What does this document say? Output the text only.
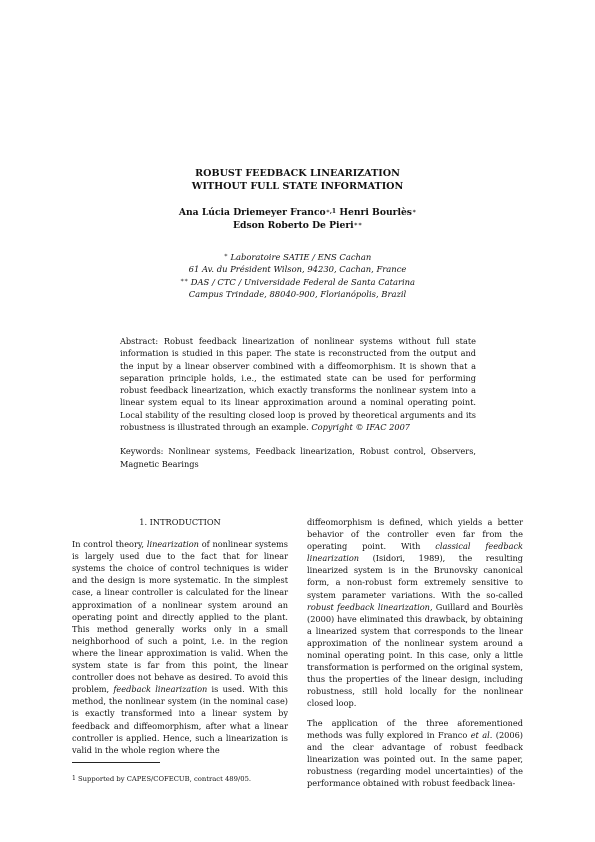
ROBUST FEEDBACK LINEARIZATION
WITHOUT FULL STATE INFORMATION
Ana Lúcia Driemeyer Franco$^{∗,1}$ Henri Bourlès∗
Edson Roberto De Pieri∗∗
∗ Laboratoire SATIE / ENS Cachan
61 Av. du Président Wilson, 94230, Cachan, France
∗∗ DAS / CTC / Universidade Federal de Santa Catarina
Campus Trindade, 88040-900, Florianópolis, Brazil

Abstract: Robust feedback linearization of nonlinear systems without full state information is studied in this paper. The state is reconstructed from the output and the input by a linear observer combined with a diffeomorphism. It is shown that a separation principle holds, i.e., the estimated state can be used for performing robust feedback linearization, which exactly transforms the nonlinear system into a linear system equal to its linear approximation around a nominal operating point. Local stability of the resulting closed loop is proved by theoretical arguments and its robustness is illustrated through an example. Copyright © IFAC 2007

Keywords: Nonlinear systems, Feedback linearization, Robust control, Observers, Magnetic Bearings

1. INTRODUCTION

In control theory, linearization of nonlinear systems is largely used due to the fact that for linear systems the choice of control techniques is wider and the design is more systematic. In the simplest case, a linear controller is calculated for the linear approximation of a nonlinear system around an operating point and directly applied to the plant. This method generally works only in a small neighborhood of such a point, i.e. in the region where the linear approximation is valid. When the system state is far from this point, the linear controller does not behave as desired. To avoid this problem, feedback linearization is used. With this method, the nonlinear system (in the nominal case) is exactly transformed into a linear system by feedback and diffeomorphism, after what a linear controller is applied. Hence, such a linearization is valid in the whole region where the

diffeomorphism is defined, which yields a better behavior of the controller even far from the operating point. With classical feedback linearization (Isidori, 1989), the resulting linearized system is in the Brunovsky canonical form, a non-robust form extremely sensitive to system parameter variations. With the so-called robust feedback linearization, Guillard and Bourlès (2000) have eliminated this drawback, by obtaining a linearized system that corresponds to the linear approximation of the nonlinear system around a nominal operating point. In this case, only a little transformation is performed on the original system, thus the properties of the linear design, including robustness, still hold locally for the nonlinear closed loop.

The application of the three aforementioned methods was fully explored in Franco et al. (2006) and the clear advantage of robust feedback linearization was pointed out. In the same paper, robustness (regarding model uncertainties) of the performance obtained with robust feedback linea-

$^1$ Supported by CAPES/COFECUB, contract 489/05.
